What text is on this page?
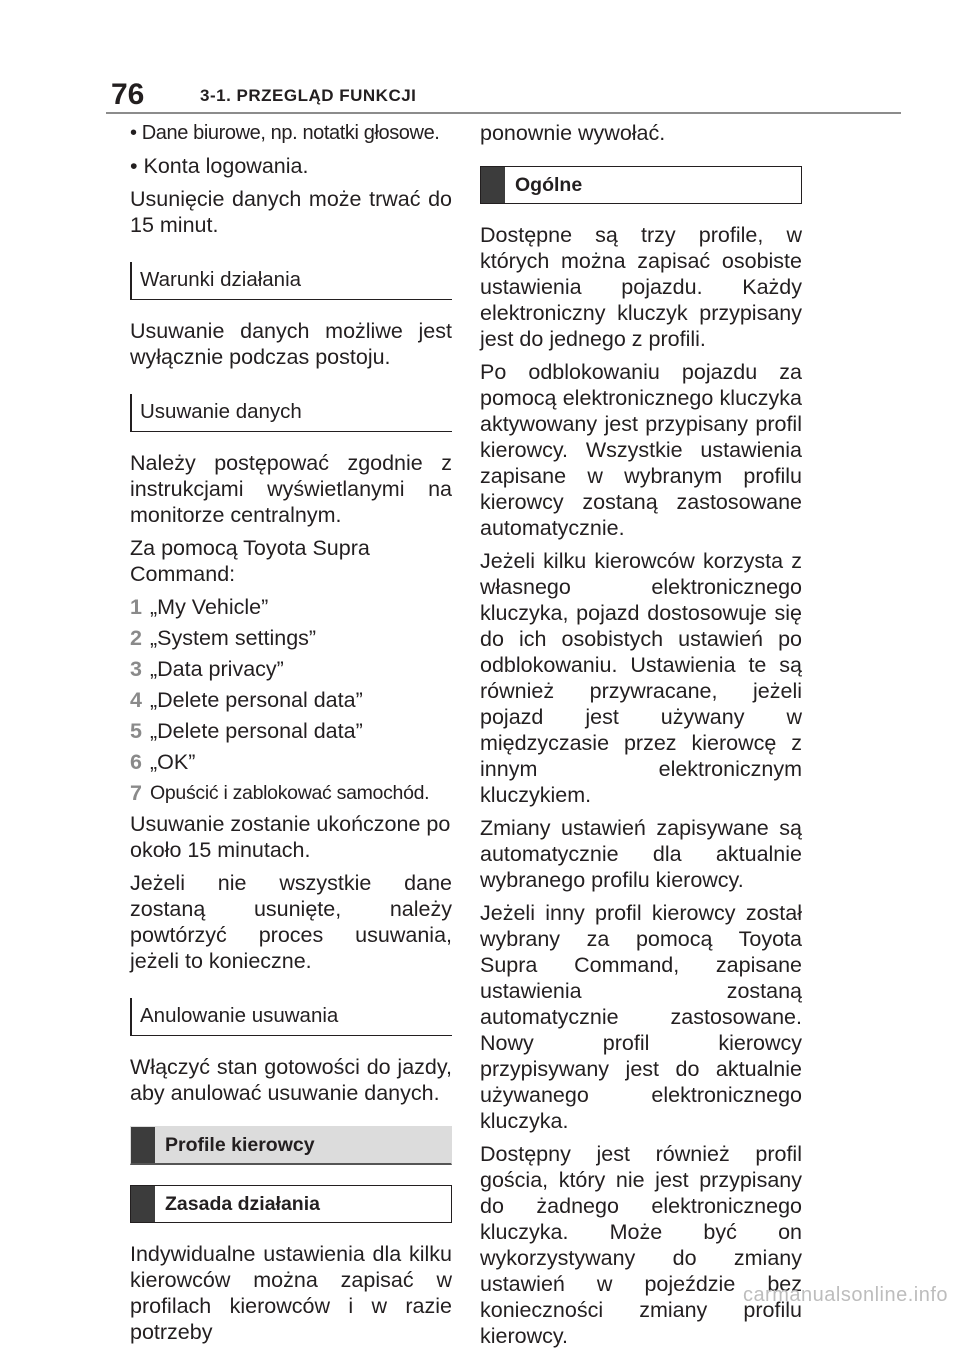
76	3-1. PRZEGLĄD FUNKCJI
• Dane biurowe, np. notatki głosowe.
• Konta logowania.

Usunięcie danych może trwać do 15 minut.

Warunki działania

Usuwanie danych możliwe jest wyłącznie podczas postoju.

Usuwanie danych

Należy postępować zgodnie z instrukcjami wyświetlanymi na monitorze centralnym.

Za pomocą Toyota Supra Command:

1 „My Vehicle”
2 „System settings”
3 „Data privacy”
4 „Delete personal data”
5 „Delete personal data”
6 „OK”
7 Opuścić i zablokować samochód.

Usuwanie zostanie ukończone po około 15 minutach.

Jeżeli nie wszystkie dane zostaną usunięte, należy powtórzyć proces usuwania, jeżeli to konieczne.

Anulowanie usuwania

Włączyć stan gotowości do jazdy, aby anulować usuwanie danych.

Profile kierowcy
Zasada działania

Indywidualne ustawienia dla kilku kierowców można zapisać w profilach kierowców i w razie potrzeby

ponownie wywołać.

Ogólne

Dostępne są trzy profile, w których można zapisać osobiste ustawienia pojazdu. Każdy elektroniczny kluczyk przypisany jest do jednego z profili.

Po odblokowaniu pojazdu za pomocą elektronicznego kluczyka aktywowany jest przypisany profil kierowcy. Wszystkie ustawienia zapisane w wybranym profilu kierowcy zostaną zastosowane automatycznie.

Jeżeli kilku kierowców korzysta z własnego elektronicznego kluczyka, pojazd dostosowuje się do ich osobistych ustawień po odblokowaniu. Ustawienia te są również przywracane, jeżeli pojazd jest używany w międzyczasie przez kierowcę z innym elektronicznym kluczykiem.

Zmiany ustawień zapisywane są automatycznie dla aktualnie wybranego profilu kierowcy.

Jeżeli inny profil kierowcy został wybrany za pomocą Toyota Supra Command, zapisane ustawienia zostaną automatycznie zastosowane. Nowy profil kierowcy przypisywany jest do aktualnie używanego elektronicznego kluczyka.

Dostępny jest również profil gościa, który nie jest przypisany do żadnego elektronicznego kluczyka. Może być on wykorzystywany do zmiany ustawień w pojeździe bez konieczności zmiany profilu kierowcy.

carmanualsonline.info
